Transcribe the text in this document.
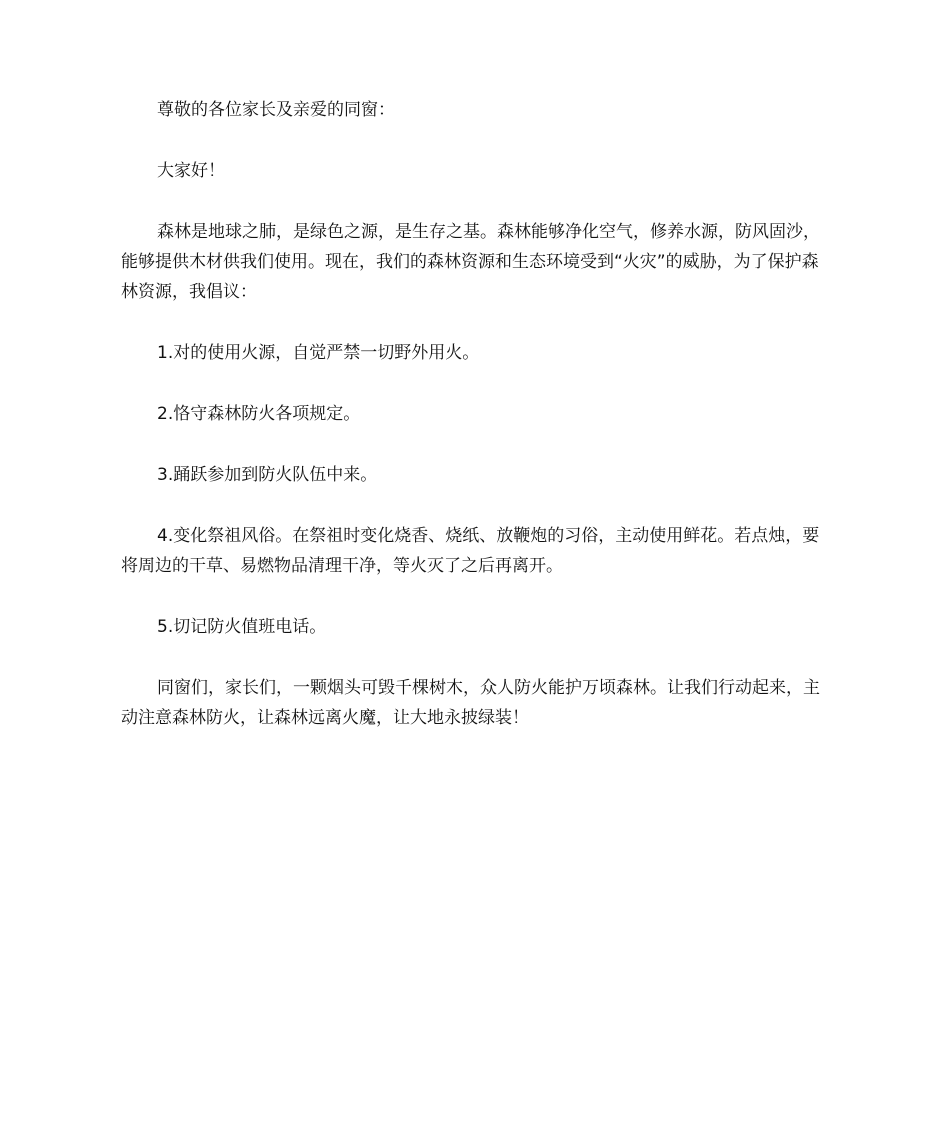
尊敬的各位家长及亲爱的同窗：

大家好！

森林是地球之肺，是绿色之源，是生存之基。森林能够净化空气，修养水源，防风固沙，能够提供木材供我们使用。现在，我们的森林资源和生态环境受到“火灾”的威胁，为了保护森林资源，我倡议：

1.对的使用火源，自觉严禁一切野外用火。

2.恪守森林防火各项规定。

3.踊跃参加到防火队伍中来。

4.变化祭祖风俗。在祭祖时变化烧香、烧纸、放鞭炮的习俗，主动使用鲜花。若点烛，要将周边的干草、易燃物品清理干净，等火灭了之后再离开。

5.切记防火值班电话。

同窗们，家长们，一颗烟头可毁千棵树木，众人防火能护万顷森林。让我们行动起来，主动注意森林防火，让森林远离火魔，让大地永披绿装！
